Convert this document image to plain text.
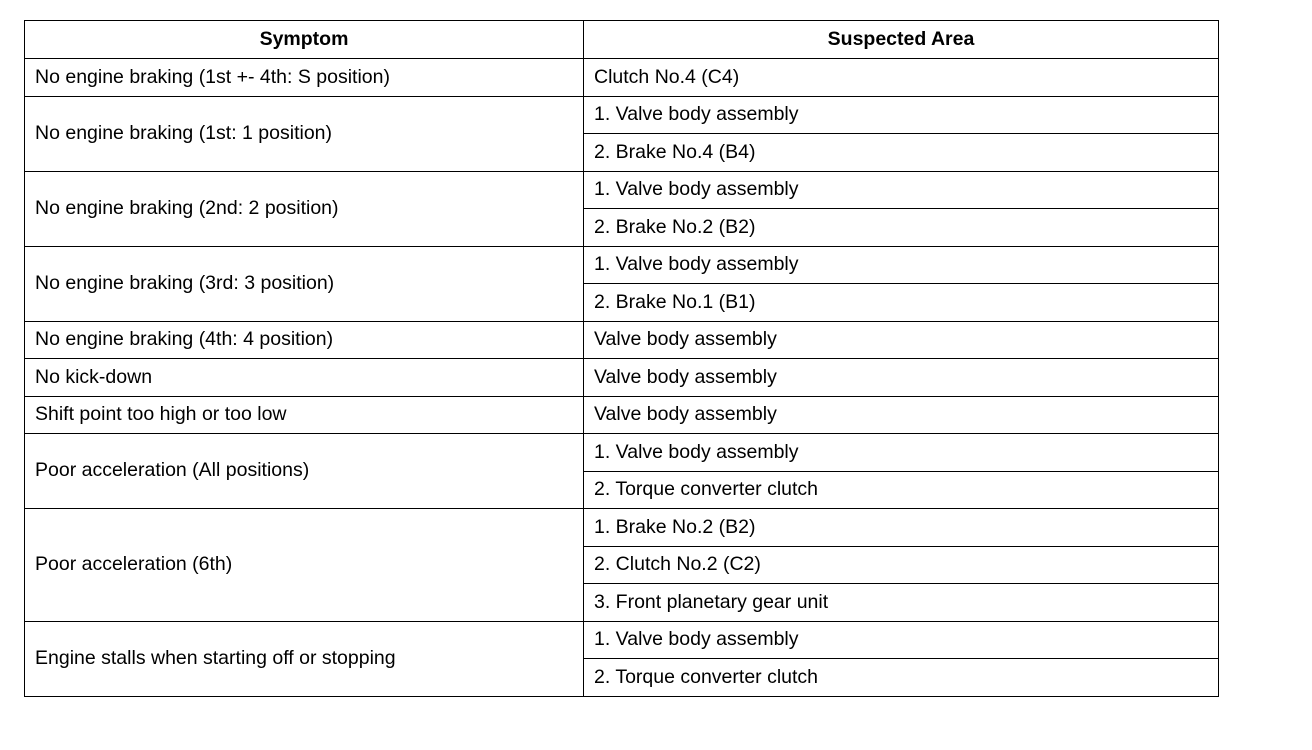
Symptom	Suspected Area
No engine braking (1st +- 4th: S position)	Clutch No.4 (C4)
No engine braking (1st: 1 position)	1. Valve body assembly
	2. Brake No.4 (B4)
No engine braking (2nd: 2 position)	1. Valve body assembly
	2. Brake No.2 (B2)
No engine braking (3rd: 3 position)	1. Valve body assembly
	2. Brake No.1 (B1)
No engine braking (4th: 4 position)	Valve body assembly
No kick-down	Valve body assembly
Shift point too high or too low	Valve body assembly
Poor acceleration (All positions)	1. Valve body assembly
	2. Torque converter clutch
Poor acceleration (6th)	1. Brake No.2 (B2)
	2. Clutch No.2 (C2)
	3. Front planetary gear unit
Engine stalls when starting off or stopping	1. Valve body assembly
	2. Torque converter clutch
